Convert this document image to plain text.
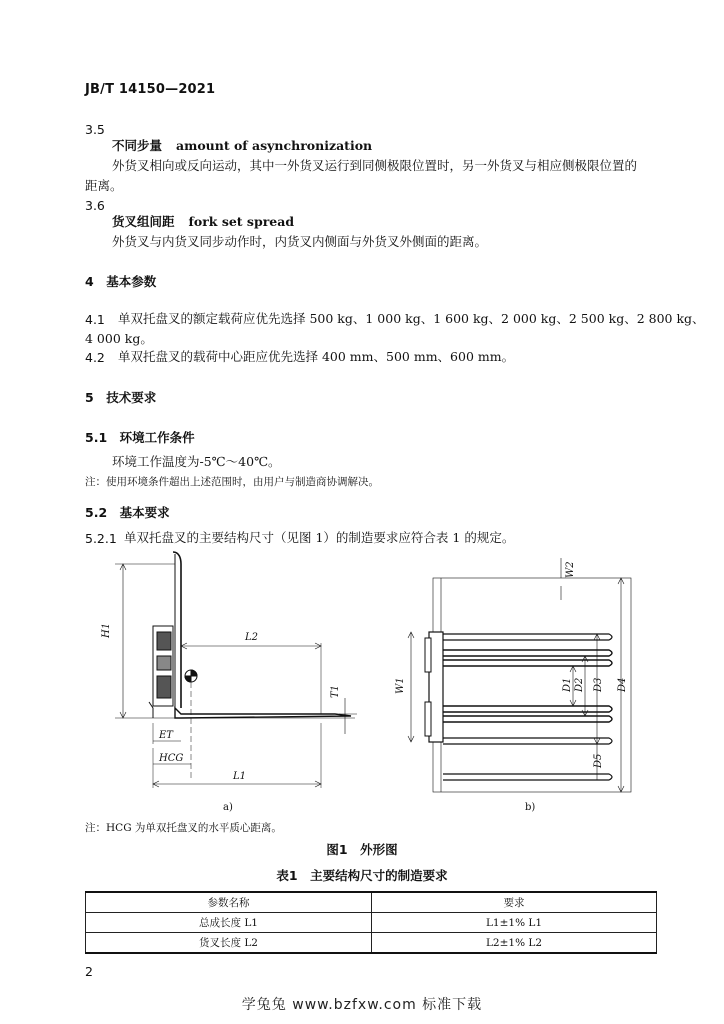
JB/T 14150—2021
3.5
不同步量 amount of asynchronization
外货叉相向或反向运动，其中一外货叉运行到同侧极限位置时，另一外货叉与相应侧极限位置的
距离。
3.6
货叉组间距 fork set spread
外货叉与内货叉同步动作时，内货叉内侧面与外货叉外侧面的距离。
4　基本参数
4.1 单双托盘叉的额定载荷应优先选择 500 kg、1 000 kg、1 600 kg、2 000 kg、2 500 kg、2 800 kg、
4 000 kg。
4.2 单双托盘叉的载荷中心距应优先选择 400 mm、500 mm、600 mm。
5　技术要求
5.1　环境工作条件
环境工作温度为-5℃～40℃。
注：使用环境条件超出上述范围时，由用户与制造商协调解决。
5.2　基本要求
5.2.1 单双托盘叉的主要结构尺寸（见图 1）的制造要求应符合表 1 的规定。
H1	L2
T1
ET
HCG
L1
a)
W2
W1	D1 D2 D3 D4
D5
b)
注：HCG 为单双托盘叉的水平质心距离。
图1　外形图
表1　主要结构尺寸的制造要求
参数名称	要求
总成长度 L1	L1±1% L1
货叉长度 L2	L2±1% L2
2
学兔兔 www.bzfxw.com 标准下载
